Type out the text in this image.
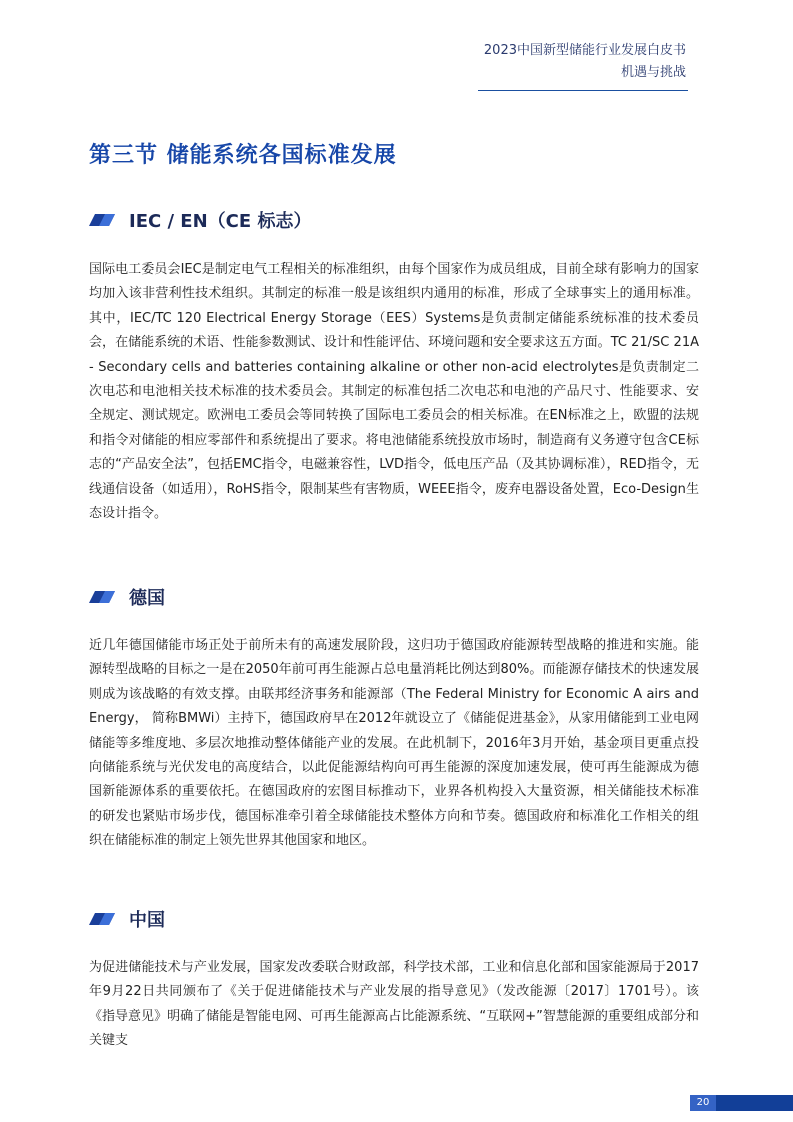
2023中国新型储能行业发展白皮书
机遇与挑战
第三节 储能系统各国标准发展
IEC / EN（CE 标志）

国际电工委员会IEC是制定电气工程相关的标准组织，由每个国家作为成员组成，目前全球有影响力的国家均加入该非营利性技术组织。其制定的标准一般是该组织内通用的标准，形成了全球事实上的通用标准。其中，IEC/TC 120 Electrical Energy Storage（EES）Systems是负责制定储能系统标准的技术委员会，在储能系统的术语、性能参数测试、设计和性能评估、环境问题和安全要求这五方面。TC 21/SC 21A - Secondary cells and batteries containing alkaline or other non-acid electrolytes是负责制定二次电芯和电池相关技术标准的技术委员会。其制定的标准包括二次电芯和电池的产品尺寸、性能要求、安全规定、测试规定。欧洲电工委员会等同转换了国际电工委员会的相关标准。在EN标准之上，欧盟的法规和指令对储能的相应零部件和系统提出了要求。将电池储能系统投放市场时，制造商有义务遵守包含CE标志的“产品安全法”，包括EMC指令，电磁兼容性，LVD指令，低电压产品（及其协调标准），RED指令，无线通信设备（如适用），RoHS指令，限制某些有害物质，WEEE指令，废弃电器设备处置，Eco-Design生态设计指令。

德国

近几年德国储能市场正处于前所未有的高速发展阶段，这归功于德国政府能源转型战略的推进和实施。能源转型战略的目标之一是在2050年前可再生能源占总电量消耗比例达到80%。而能源存储技术的快速发展则成为该战略的有效支撑。由联邦经济事务和能源部（The Federal Ministry for Economic A airs and Energy， 简称BMWi）主持下，德国政府早在2012年就设立了《储能促进基金》，从家用储能到工业电网储能等多维度地、多层次地推动整体储能产业的发展。在此机制下，2016年3月开始，基金项目更重点投向储能系统与光伏发电的高度结合，以此促能源结构向可再生能源的深度加速发展，使可再生能源成为德国新能源体系的重要依托。在德国政府的宏图目标推动下，业界各机构投入大量资源，相关储能技术标准的研发也紧贴市场步伐，德国标准牵引着全球储能技术整体方向和节奏。德国政府和标准化工作相关的组织在储能标准的制定上领先世界其他国家和地区。

中国

为促进储能技术与产业发展，国家发改委联合财政部，科学技术部，工业和信息化部和国家能源局于2017年9月22日共同颁布了《关于促进储能技术与产业发展的指导意见》（发改能源〔2017〕1701号）。该《指导意见》明确了储能是智能电网、可再生能源高占比能源系统、“互联网+”智慧能源的重要组成部分和关键支

20
